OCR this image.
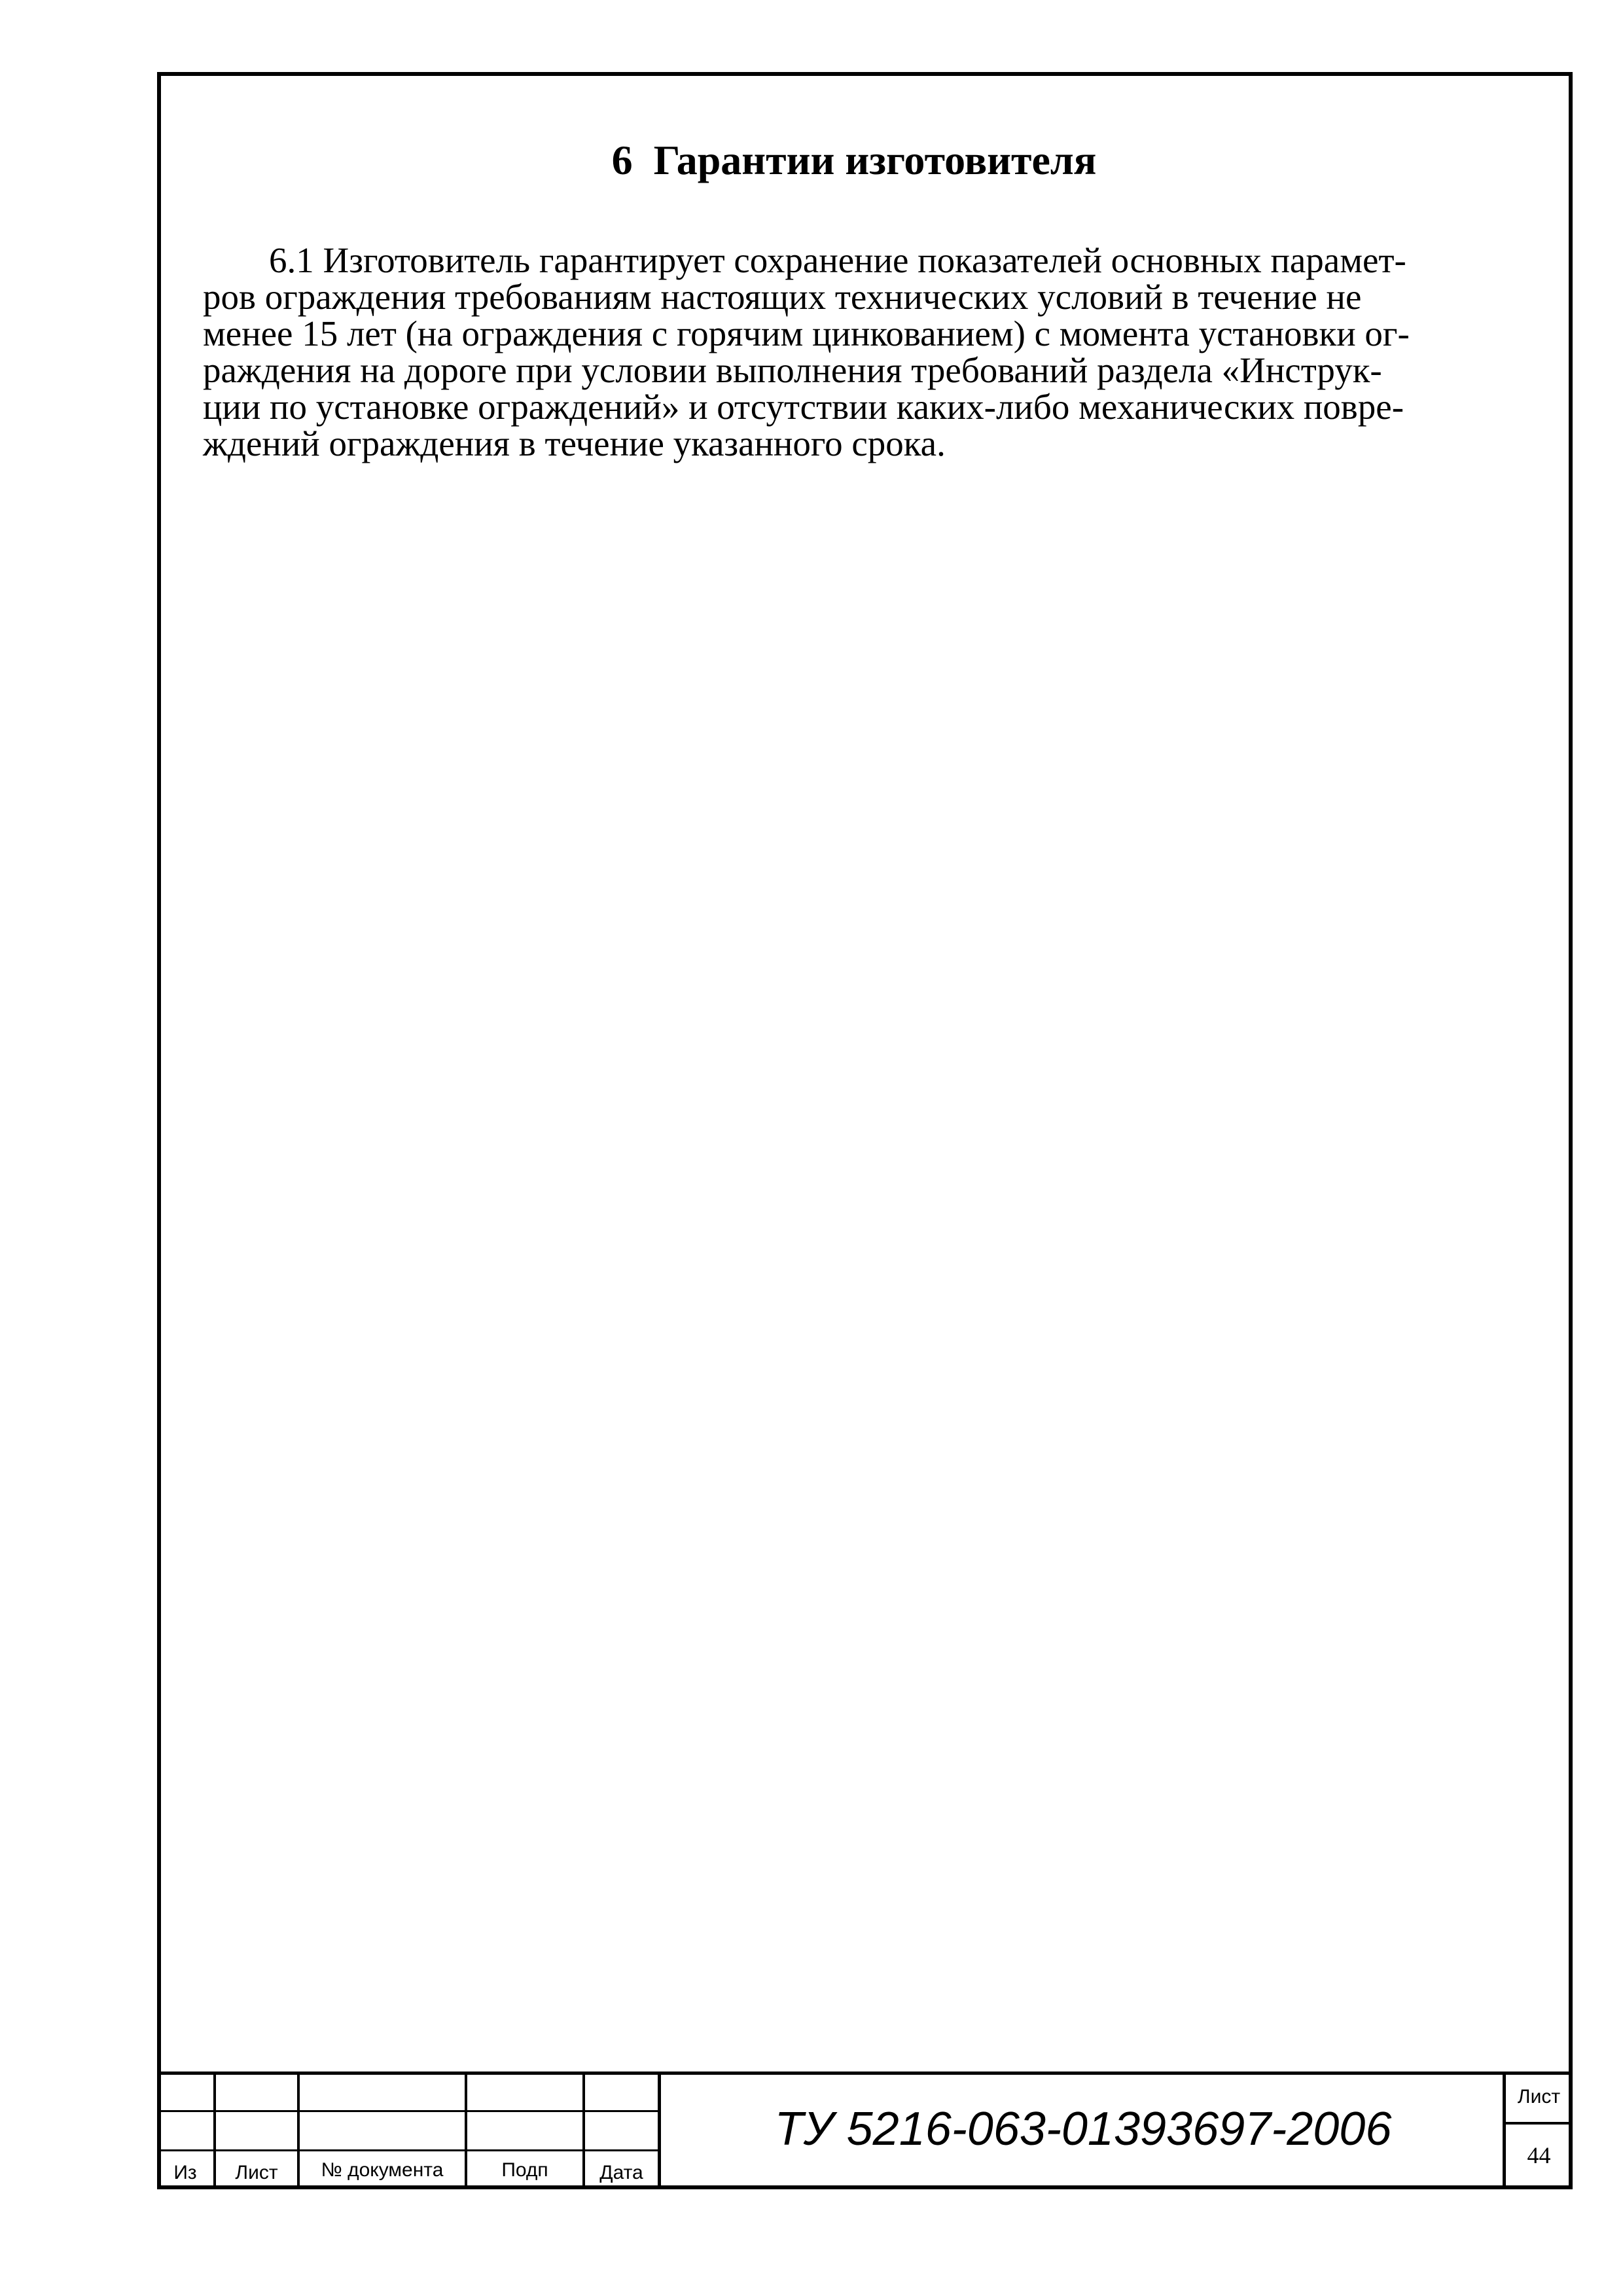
6  Гарантии изготовителя
6.1 Изготовитель гарантирует сохранение показателей основных парамет-
ров ограждения требованиям настоящих технических условий в течение не
менее 15 лет (на ограждения с горячим цинкованием) с момента установки ог-
раждения на дороге при условии выполнения требований раздела «Инструк-
ции по установке ограждений» и отсутствии каких-либо механических повре-
ждений ограждения в течение указанного срока.
Из	Лист	№ документа	Подп	Дата
ТУ 5216-063-01393697-2006
Лист
44
